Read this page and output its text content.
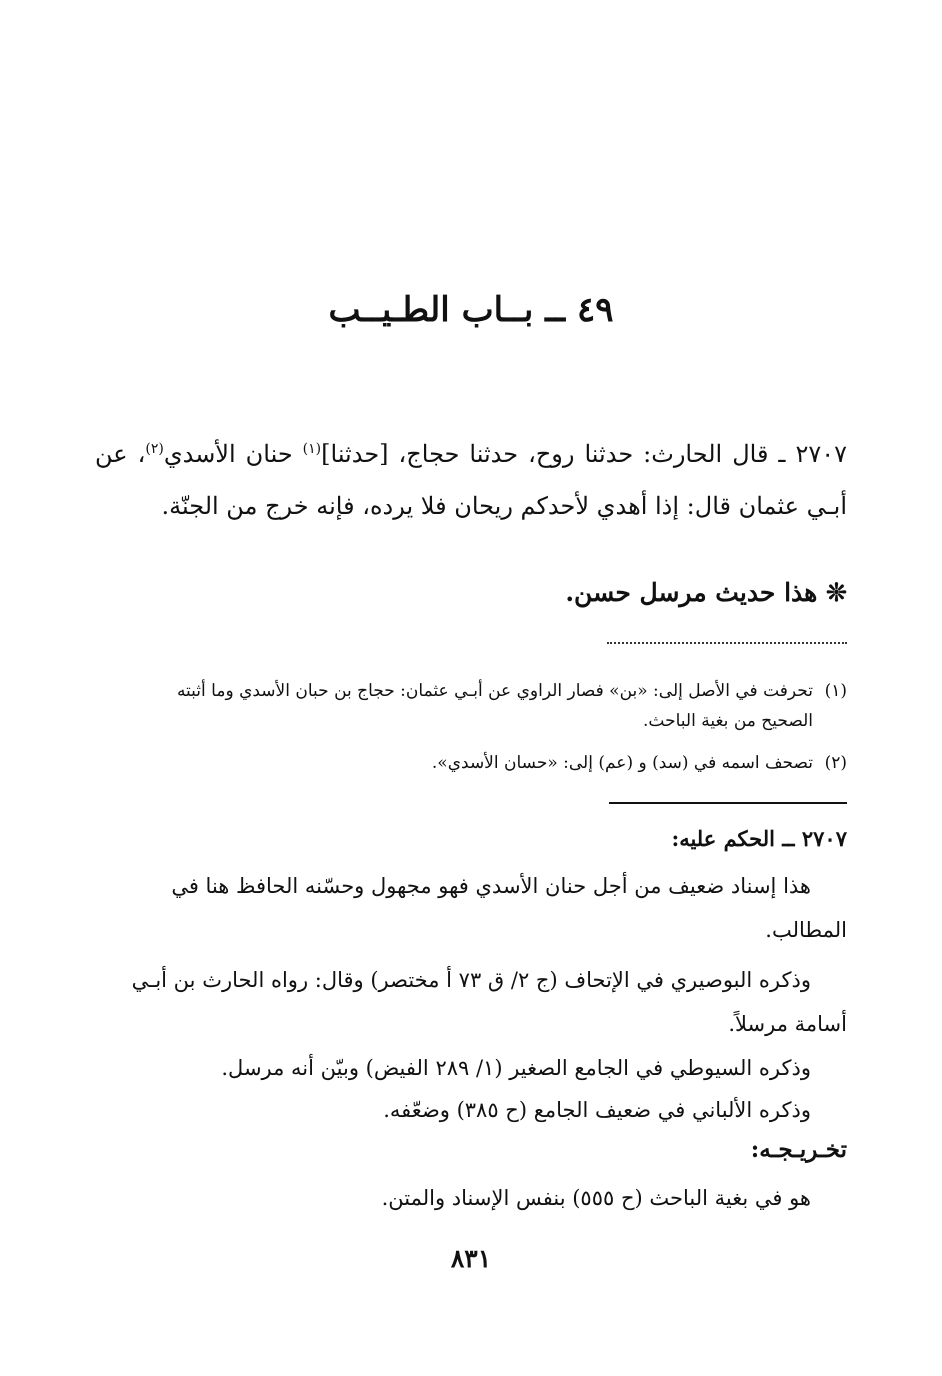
٤٩ ــ بــاب الطـيــب

٢٧٠٧ ـ قال الحارث: حدثنا روح، حدثنا حجاج، [حدثنا]$^{(١)}$ حنان الأسدي$^{(٢)}$، عن أبـي عثمان قال: إذا أهدي لأحدكم ريحان فلا يرده، فإنه خرج من الجنّة.

❊ هذا حديث مرسل حسن.

(١)تحرفت في الأصل إلى: «بن» فصار الراوي عن أبـي عثمان: حجاج بن حبان الأسدي وما أثبته
الصحيح من بغية الباحث.
(٢)تصحف اسمه في (سد) و (عم) إلى: «حسان الأسدي».
٢٧٠٧ ــ الحكم عليه:

هذا إسناد ضعيف من أجل حنان الأسدي فهو مجهول وحسّنه الحافظ هنا في المطالب.

وذكره البوصيري في الإتحاف (ج ٢/ ق ٧٣ أ مختصر) وقال: رواه الحارث بن أبـي أسامة مرسلاً.

وذكره السيوطي في الجامع الصغير (١/ ٢٨٩ الفيض) وبيّن أنه مرسل.

وذكره الألباني في ضعيف الجامع (ح ٣٨٥) وضعّفه.

تخـريـجـه:

هو في بغية الباحث (ح ٥٥٥) بنفس الإسناد والمتن.

٨٣١
